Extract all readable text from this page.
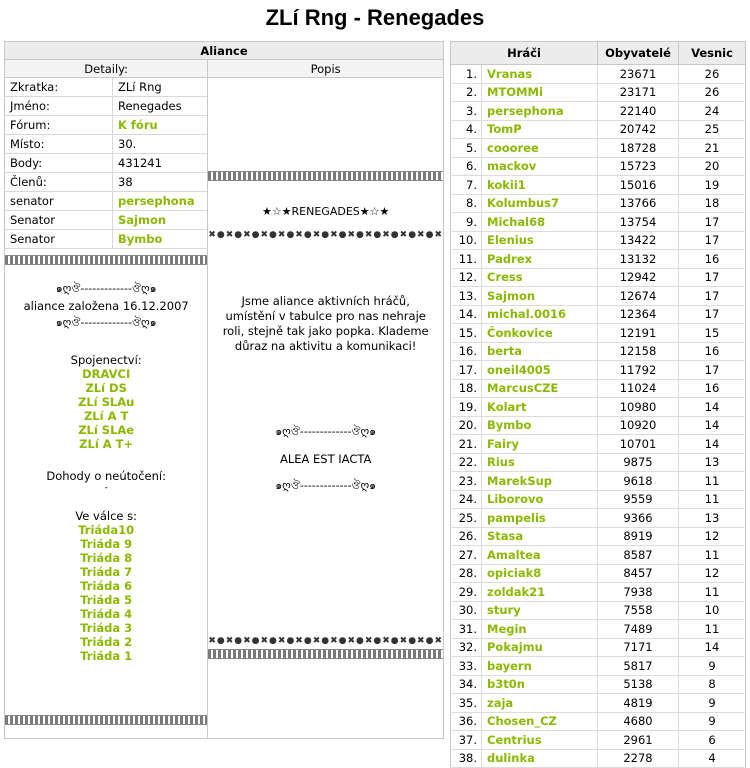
ZLí Rng - Renegades
Aliance
Detaily:	Popis

Zkratka:	ZLí Rng
Jméno:	Renegades
Fórum:	K fóru
Místo:	30.
Body:	431241
Členů:	38
senator	persephona
Senator	Sajmon
Senator	Bymbo
๑ღঔ-------------ঔღ๑
aliance založena 16.12.2007
๑ღঔ-------------ঔღ๑
Spojenectví:
DRAVCI
ZLí DS
ZLí SLAu
ZLí A T
ZLí SLAe
ZLí A T+
Dohody o neútočení:
-
Ve válce s:
Triáda10
Triáda 9
Triáda 8
Triáda 7
Triáda 6
Triáda 5
Triáda 4
Triáda 3
Triáda 2
Triáda 1

★☆★RENEGADES★☆★
✖●✖●✖●✖●✖●✖●✖●✖●✖●✖●✖●✖●✖●✖
Jsme aliance aktivních hráčů, umístění v tabulce pro nas nehraje roli, stejně tak jako popka. Klademe důraz na aktivitu a komunikaci!
๑ღঔ-------------ঔღ๑
ALEA EST IACTA
๑ღঔ-------------ঔღ๑
✖●✖●✖●✖●✖●✖●✖●✖●✖●✖●✖●✖●✖●✖
Hráči		Obyvatelé	Vesnic
1.	Vranas	23671	26
2.	MTOMMi	23171	26
3.	persephona	22140	24
4.	TomP	20742	25
5.	coooree	18728	21
6.	mackov	15723	20
7.	kokii1	15016	19
8.	Kolumbus7	13766	18
9.	Michal68	13754	17
10.	Elenius	13422	17
11.	Padrex	13132	16
12.	Cress	12942	17
13.	Sajmon	12674	17
14.	michal.0016	12364	17
15.	Čonkovice	12191	15
16.	berta	12158	16
17.	oneil4005	11792	17
18.	MarcusCZE	11024	16
19.	Kolart	10980	14
20.	Bymbo	10920	14
21.	Fairy	10701	14
22.	Rius	9875	13
23.	MarekSup	9618	11
24.	Liborovo	9559	11
25.	pampelis	9366	13
26.	Stasa	8919	12
27.	Amaltea	8587	11
28.	opiciak8	8457	12
29.	zoldak21	7938	11
30.	stury	7558	10
31.	Megin	7489	11
32.	Pokajmu	7171	14
33.	bayern	5817	9
34.	b3t0n	5138	8
35.	zaja	4819	9
36.	Chosen_CZ	4680	9
37.	Centrius	2961	6
38.	dulinka	2278	4
